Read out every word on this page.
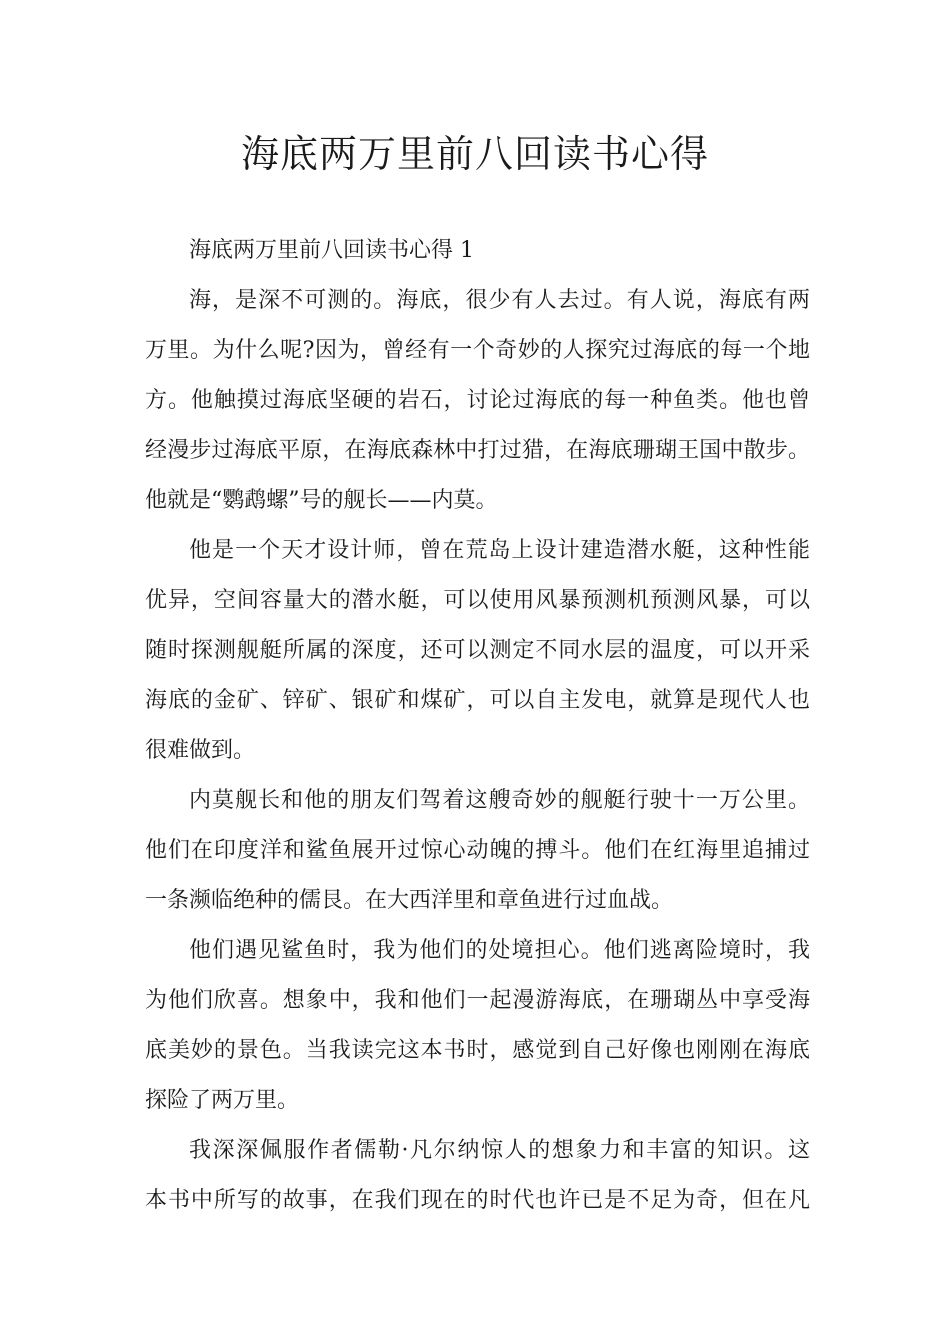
海底两万里前八回读书心得
海底两万里前八回读书心得 1
海，是深不可测的。海底，很少有人去过。有人说，海底有两
万里。为什么呢?因为，曾经有一个奇妙的人探究过海底的每一个地
方。他触摸过海底坚硬的岩石，讨论过海底的每一种鱼类。他也曾
经漫步过海底平原，在海底森林中打过猎，在海底珊瑚王国中散步。
他就是“鹦鹉螺”号的舰长——内莫。
他是一个天才设计师，曾在荒岛上设计建造潜水艇，这种性能
优异，空间容量大的潜水艇，可以使用风暴预测机预测风暴，可以
随时探测舰艇所属的深度，还可以测定不同水层的温度，可以开采
海底的金矿、锌矿、银矿和煤矿，可以自主发电，就算是现代人也
很难做到。
内莫舰长和他的朋友们驾着这艘奇妙的舰艇行驶十一万公里。
他们在印度洋和鲨鱼展开过惊心动魄的搏斗。他们在红海里追捕过
一条濒临绝种的儒艮。在大西洋里和章鱼进行过血战。
他们遇见鲨鱼时，我为他们的处境担心。他们逃离险境时，我
为他们欣喜。想象中，我和他们一起漫游海底，在珊瑚丛中享受海
底美妙的景色。当我读完这本书时，感觉到自己好像也刚刚在海底
探险了两万里。
我深深佩服作者儒勒·凡尔纳惊人的想象力和丰富的知识。这
本书中所写的故事，在我们现在的时代也许已是不足为奇，但在凡
